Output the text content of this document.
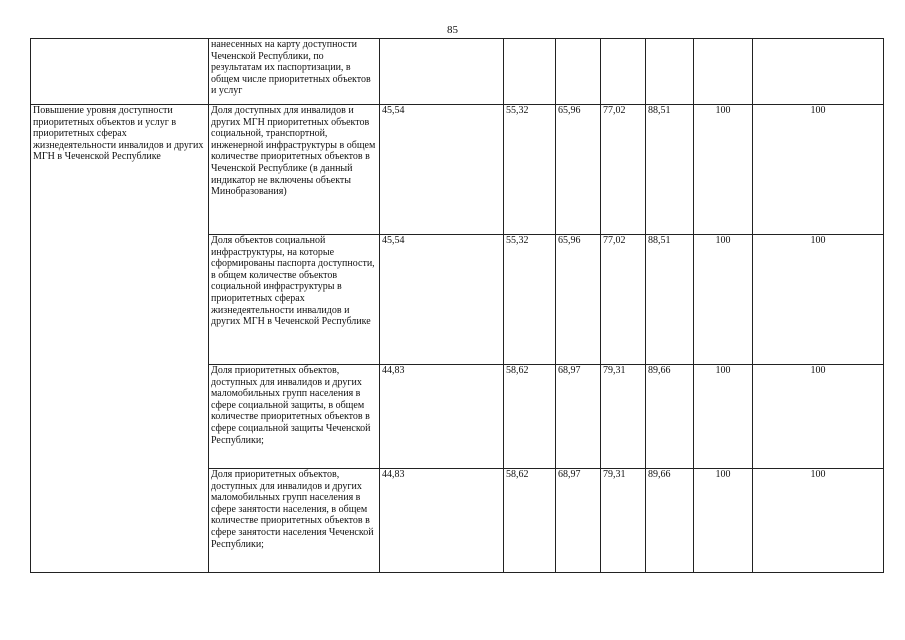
85

	нанесенных на карту доступности Чеченской Республики, по результатам их паспортизации, в общем числе приоритетных объектов и услуг							

Повышение уровня доступности приоритетных объектов и услуг в приоритетных сферах жизнедеятельности инвалидов и других МГН в Чеченской Республике	Доля доступных для инвалидов и других МГН приоритетных объектов социальной, транспортной, инженерной инфраструктуры в общем количестве приоритетных объектов в Чеченской Республике (в данный индикатор не включены объекты Минобразования)	45,54	55,32	65,96	77,02	88,51	100	100

	Доля объектов социальной инфраструктуры, на которые сформированы паспорта доступности, в общем количестве объектов социальной инфраструктуры в приоритетных сферах жизнедеятельности инвалидов и других МГН в Чеченской Республике	45,54	55,32	65,96	77,02	88,51	100	100

	Доля приоритетных объектов, доступных для инвалидов и других маломобильных групп населения в сфере социальной защиты, в общем количестве приоритетных объектов в сфере социальной защиты Чеченской Республики;	44,83	58,62	68,97	79,31	89,66	100	100

	Доля приоритетных объектов, доступных для инвалидов и других маломобильных групп населения в сфере занятости населения, в общем количестве приоритетных объектов в сфере занятости населения Чеченской Республики;	44,83	58,62	68,97	79,31	89,66	100	100
